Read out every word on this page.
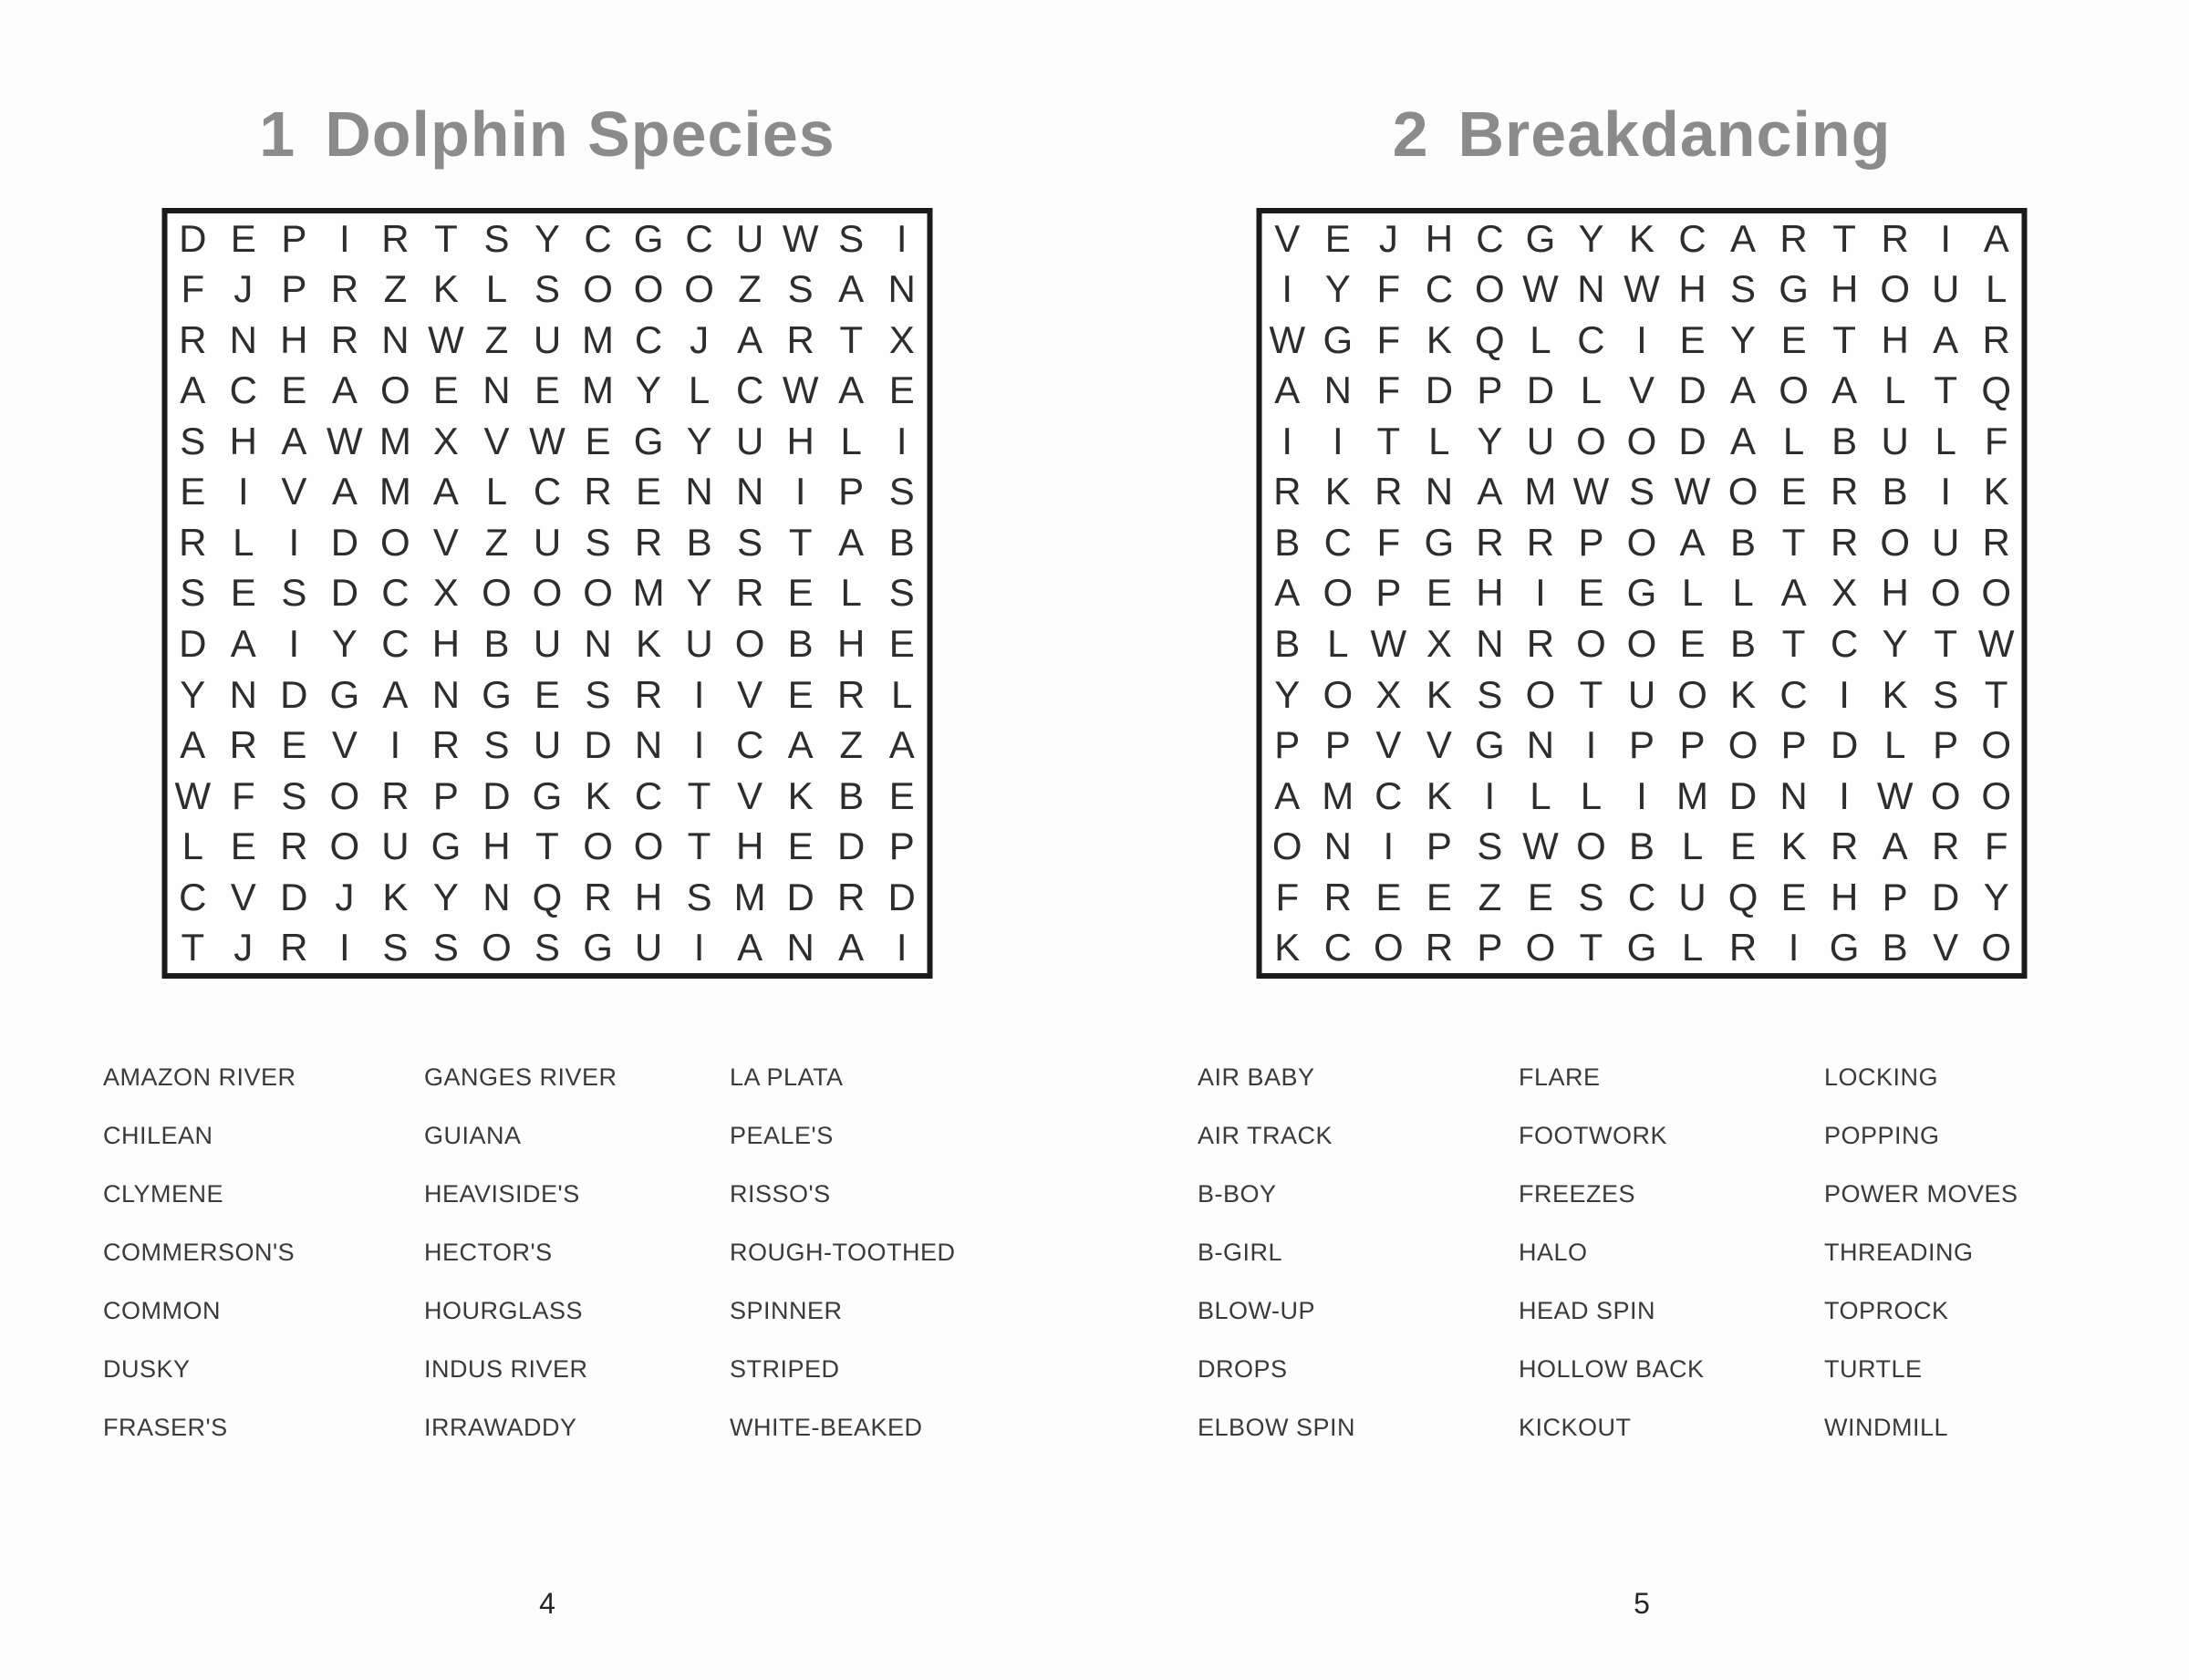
1 Dolphin Species
D E P I R T S Y C G C U W S I
F J P R Z K L S O O O Z S A N
R N H R N W Z U M C J A R T X
A C E A O E N E M Y L C W A E
S H A W M X V W E G Y U H L I
E I V A M A L C R E N N I P S
R L I D O V Z U S R B S T A B
S E S D C X O O O M Y R E L S
D A I Y C H B U N K U O B H E
Y N D G A N G E S R I V E R L
A R E V I R S U D N I C A Z A
W F S O R P D G K C T V K B E
L E R O U G H T O O T H E D P
C V D J K Y N Q R H S M D R D
T J R I S S O S G U I A N A I
AMAZON RIVER
CHILEAN
CLYMENE
COMMERSON'S
COMMON
DUSKY
FRASER'S
GANGES RIVER
GUIANA
HEAVISIDE'S
HECTOR'S
HOURGLASS
INDUS RIVER
IRRAWADDY
LA PLATA
PEALE'S
RISSO'S
ROUGH-TOOTHED
SPINNER
STRIPED
WHITE-BEAKED
4
2 Breakdancing
V E J H C G Y K C A R T R I A
I Y F C O W N W H S G H O U L
W G F K Q L C I E Y E T H A R
A N F D P D L V D A O A L T Q
I	I T L Y U O O D A L B U L F
R K R N A M W S W O E R B I K
B C F G R R P O A B T R O U R
A O P E H I E G L L A X H O O
B L W X N R O O E B T C Y T W
Y O X K S O T U O K C I K S T
P P V V G N I P P O P D L P O
A M C K I L L I M D N I W O O
O N I P S W O B L E K R A R F
F R E E Z E S C U Q E H P D Y
K C O R P O T G L R I G B V O
AIR BABY
AIR TRACK
B-BOY
B-GIRL
BLOW-UP
DROPS
ELBOW SPIN
FLARE
FOOTWORK
FREEZES
HALO
HEAD SPIN
HOLLOW BACK
KICKOUT
LOCKING
POPPING
POWER MOVES
THREADING
TOPROCK
TURTLE
WINDMILL
5
